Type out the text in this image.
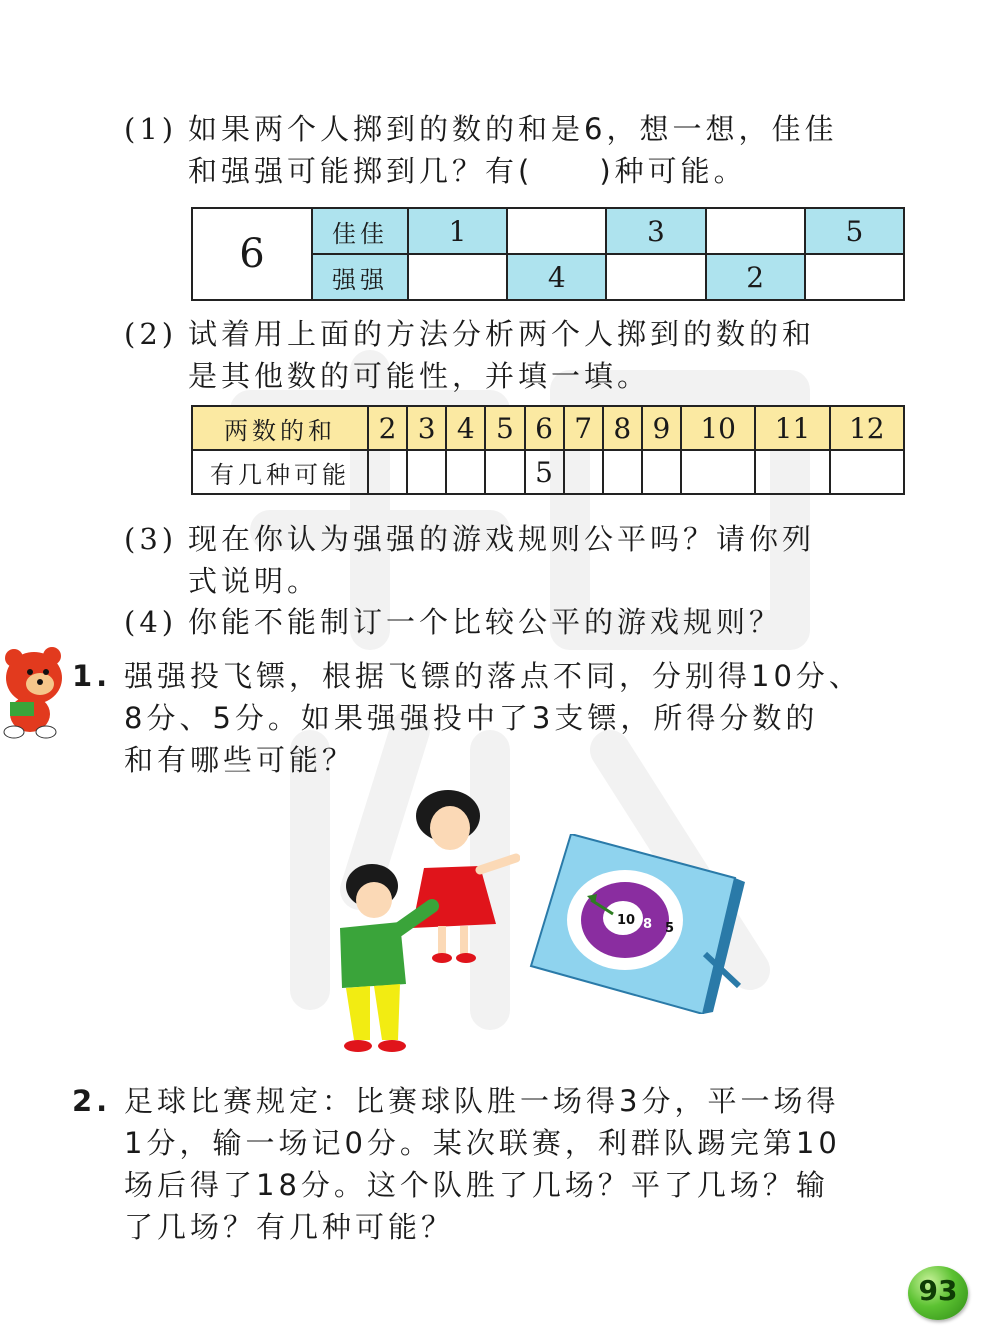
(1) 如果两个人掷到的数的和是6，想一想，佳佳
和强强可能掷到几？有(　　)种可能。
6	佳佳	1		3		5
	强强		4		2	
(2) 试着用上面的方法分析两个人掷到的数的和
是其他数的可能性，并填一填。
两数的和	2	3	4	5	6	7	8	9	10	11	12
有几种可能					5						
(3) 现在你认为强强的游戏规则公平吗？请你列
式说明。
(4) 你能不能制订一个比较公平的游戏规则？
1. 强强投飞镖，根据飞镖的落点不同，分别得10分、
8分、5分。如果强强投中了3支镖，所得分数的
和有哪些可能？
10 8 5
2. 足球比赛规定：比赛球队胜一场得3分，平一场得
1分，输一场记0分。某次联赛，利群队踢完第10
场后得了18分。这个队胜了几场？平了几场？输
了几场？有几种可能？
93
